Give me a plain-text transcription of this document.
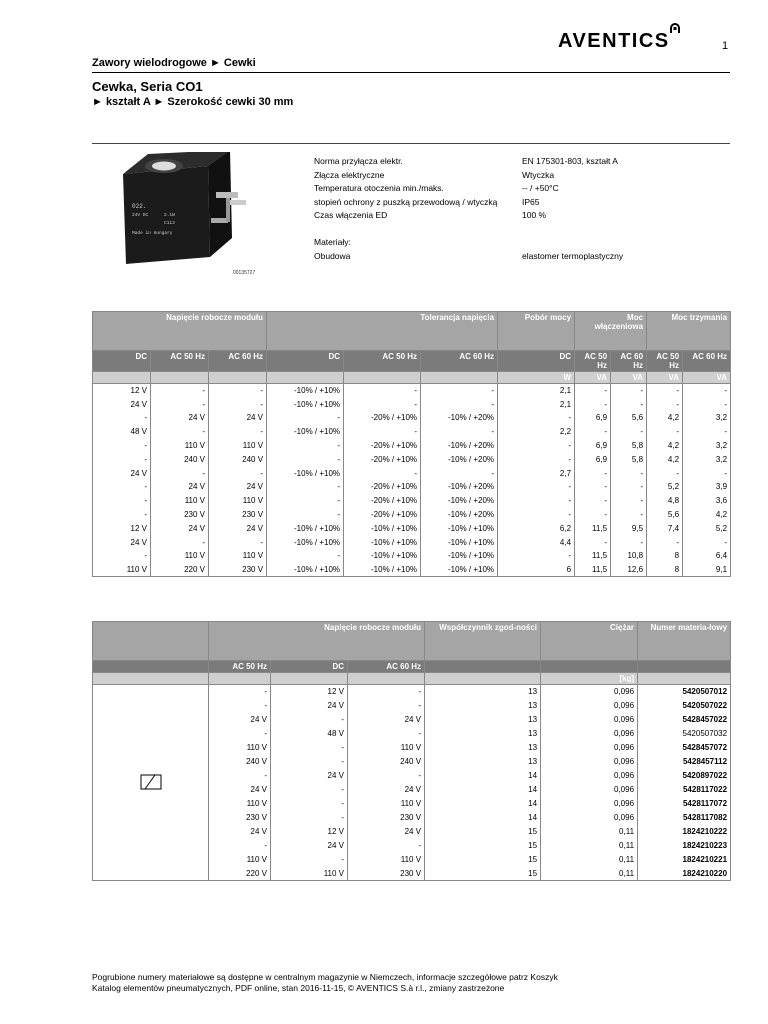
AVENTICS	1
Zawory wielodrogowe ► Cewki
Cewka, Seria CO1
► kształt A ► Szerokość cewki 30 mm
022.
24V DC	2.1W
C113
Made in Hungary
00135727
Norma przyłącza elektr.	EN 175301-803, kształt A
Złącza elektryczne	Wtyczka
Temperatura otoczenia min./maks.	-- / +50°C
stopień ochrony z puszką przewodową / wtyczką	IP65
Czas włączenia ED	100 %
Materiały:
Obudowa	elastomer termoplastyczny
Napięcie robocze modułu			Tolerancja napięcia			Pobór mocy	Moc włączeniowa		Moc trzymania	
DC	AC 50 Hz	AC 60 Hz	DC	AC 50 Hz	AC 60 Hz	DC	AC 50 Hz	AC 60 Hz	AC 50 Hz	AC 60 Hz
						W	VA	VA	VA	VA
12 V	-	-	-10% / +10%	-	-	2,1	-	-	-	-
24 V	-	-	-10% / +10%	-	-	2,1	-	-	-	-
-	24 V	24 V	-	-20% / +10%	-10% / +20%	-	6,9	5,6	4,2	3,2
48 V	-	-	-10% / +10%	-	-	2,2	-	-	-	-
-	110 V	110 V	-	-20% / +10%	-10% / +20%	-	6,9	5,8	4,2	3,2
-	240 V	240 V	-	-20% / +10%	-10% / +20%	-	6,9	5,8	4,2	3,2
24 V	-	-	-10% / +10%	-	-	2,7	-	-	-	-
-	24 V	24 V	-	-20% / +10%	-10% / +20%	-	-	-	5,2	3,9
-	110 V	110 V	-	-20% / +10%	-10% / +20%	-	-	-	4,8	3,6
-	230 V	230 V	-	-20% / +10%	-10% / +20%	-	-	-	5,6	4,2
12 V	24 V	24 V	-10% / +10%	-10% / +10%	-10% / +10%	6,2	11,5	9,5	7,4	5,2
24 V	-	-	-10% / +10%	-10% / +10%	-10% / +10%	4,4	-	-	-	-
-	110 V	110 V	-	-10% / +10%	-10% / +10%	-	11,5	10,8	8	6,4
110 V	220 V	230 V	-10% / +10%	-10% / +10%	-10% / +10%	6	11,5	12,6	8	9,1
	Napięcie robocze modułu			Współczynnik zgod-ności	Ciężar	Numer materia-łowy
	AC 50 Hz	DC	AC 60 Hz			
					[kg]	
	-	12 V	-	13	0,096	5420507012
	-	24 V	-	13	0,096	5420507022
	24 V	-	24 V	13	0,096	5428457022
	-	48 V	-	13	0,096	5420507032
	110 V	-	110 V	13	0,096	5428457072
	240 V	-	240 V	13	0,096	5428457112
	-	24 V	-	14	0,096	5420897022
	24 V	-	24 V	14	0,096	5428117022
	110 V	-	110 V	14	0,096	5428117072
	230 V	-	230 V	14	0,096	5428117082
	24 V	12 V	24 V	15	0,11	1824210222
	-	24 V	-	15	0,11	1824210223
	110 V	-	110 V	15	0,11	1824210221
	220 V	110 V	230 V	15	0,11	1824210220
Pogrubione numery materiałowe są dostępne w centralnym magazynie w Niemczech, informacje szczegółowe patrz Koszyk
Katalog elementów pneumatycznych, PDF online, stan 2016-11-15, © AVENTICS S.à r.l., zmiany zastrzeżone
